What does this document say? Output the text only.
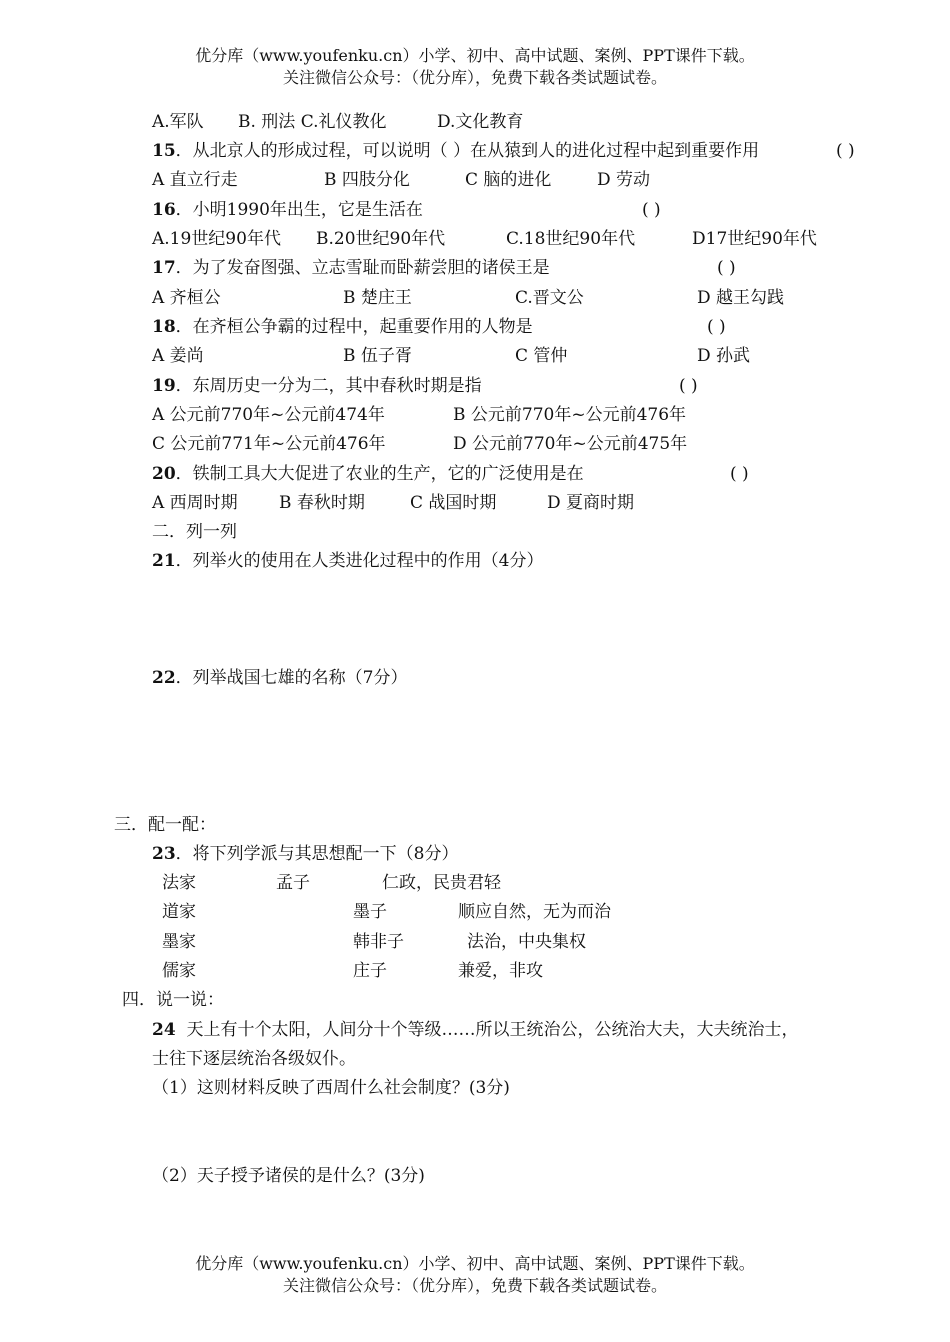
优分库（www.youfenku.cn）小学、初中、高中试题、案例、PPT课件下载。
关注微信公众号：（优分库），免费下载各类试题试卷。
A.军队 B. 刑法 C.礼仪教化	D.文化教育
15．从北京人的形成过程，可以说明（ ）在从猿到人的进化过程中起到重要作用	( )
A 直立行走	B 四肢分化	C 脑的进化	D 劳动
16．小明1990年出生，它是生活在	( )
A.19世纪90年代 B.20世纪90年代	C.18世纪90年代	D17世纪90年代
17．为了发奋图强、立志雪耻而卧薪尝胆的诸侯王是	( )
A 齐桓公	B 楚庄王	C.晋文公	D 越王勾践
18．在齐桓公争霸的过程中，起重要作用的人物是	( )
A 姜尚	B 伍子胥	C 管仲	D 孙武
19．东周历史一分为二，其中春秋时期是指	( )
A 公元前770年~公元前474年	B 公元前770年~公元前476年
C 公元前771年~公元前476年	D 公元前770年~公元前475年
20．铁制工具大大促进了农业的生产，它的广泛使用是在	( )
A 西周时期 B 春秋时期	C 战国时期	D 夏商时期
二．列一列
21．列举火的使用在人类进化过程中的作用（4分）
22．列举战国七雄的名称（7分）
三．配一配：
23．将下列学派与其思想配一下（8分）
法家	孟子	仁政，民贵君轻
道家	墨子	顺应自然，无为而治
墨家	韩非子	法治，中央集权
儒家	庄子	兼爱，非攻
四．说一说：
24 天上有十个太阳，人间分十个等级……所以王统治公，公统治大夫，大夫统治士，
士往下逐层统治各级奴仆。
（1）这则材料反映了西周什么社会制度？(3分)
（2）天子授予诸侯的是什么？(3分)
优分库（www.youfenku.cn）小学、初中、高中试题、案例、PPT课件下载。
关注微信公众号：（优分库），免费下载各类试题试卷。
